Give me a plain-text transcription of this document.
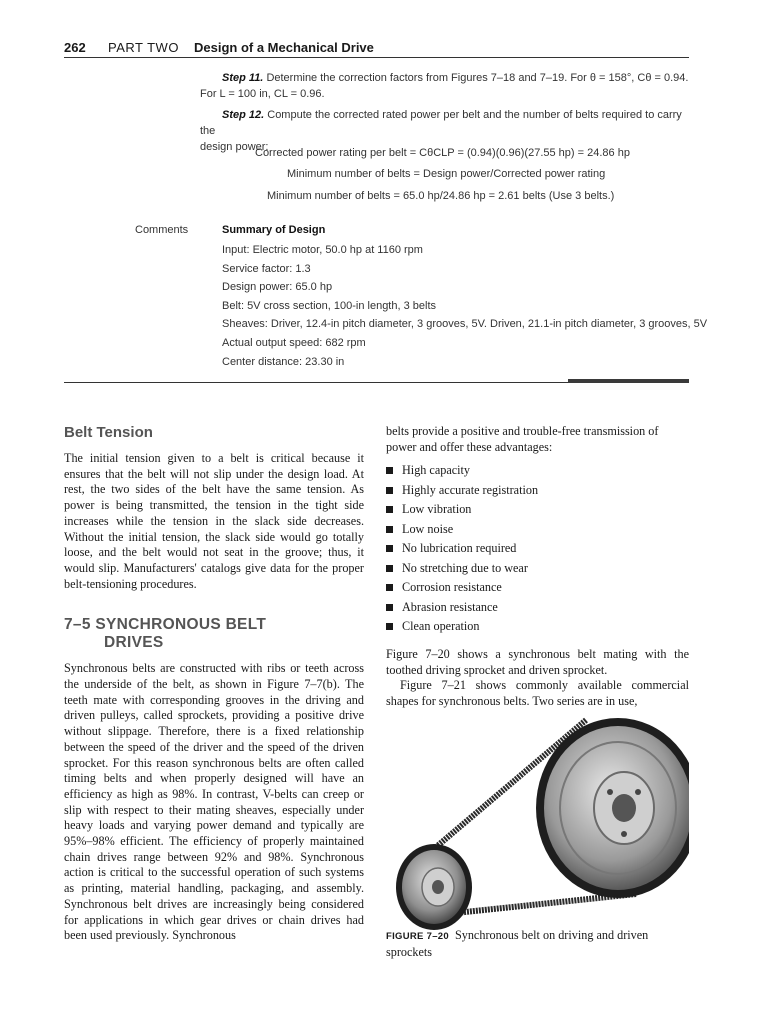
262 PART TWO Design of a Mechanical Drive

Step 11. Determine the correction factors from Figures 7–18 and 7–19. For θ = 158°, Cθ = 0.94.

For L = 100 in, CL = 0.96.

Step 12. Compute the corrected rated power per belt and the number of belts required to carry the

design power:

Corrected power rating per belt = CθCLP = (0.94)(0.96)(27.55 hp) = 24.86 hp
Minimum number of belts = Design power/Corrected power rating
Minimum number of belts = 65.0 hp/24.86 hp = 2.61 belts (Use 3 belts.)
Comments	Summary of Design
Input: Electric motor, 50.0 hp at 1160 rpm
Service factor: 1.3
Design power: 65.0 hp
Belt: 5V cross section, 100-in length, 3 belts
Sheaves: Driver, 12.4-in pitch diameter, 3 grooves, 5V. Driven, 21.1-in pitch diameter, 3 grooves, 5V
Actual output speed: 682 rpm
Center distance: 23.30 in
Belt Tension

The initial tension given to a belt is critical because it ensures that the belt will not slip under the design load. At rest, the two sides of the belt have the same tension. As power is being transmitted, the tension in the tight side increases while the tension in the slack side decreases. Without the initial tension, the slack side would go totally loose, and the belt would not seat in the groove; thus, it would slip. Manufacturers' catalogs give data for the proper belt-tensioning procedures.

7–5 SYNCHRONOUS BELT
DRIVES

Synchronous belts are constructed with ribs or teeth across the underside of the belt, as shown in Figure 7–7(b). The teeth mate with corresponding grooves in the driving and driven pulleys, called sprockets, providing a positive drive without slippage. Therefore, there is a fixed relationship between the speed of the driver and the speed of the driven sprocket. For this reason synchronous belts are often called timing belts and when properly designed will have an efficiency as high as 98%. In contrast, V-belts can creep or slip with respect to their mating sheaves, especially under heavy loads and varying power demand and typically are 95%–98% efficient. The efficiency of properly maintained chain drives range between 92% and 98%. Synchronous action is critical to the successful operation of such systems as printing, material handling, packaging, and assembly. Synchronous belt drives are increasingly being considered for applications in which gear drives or chain drives had been used previously. Synchronous

belts provide a positive and trouble-free transmission of power and offer these advantages:

High capacity
Highly accurate registration
Low vibration
Low noise
No lubrication required
No stretching due to wear
Corrosion resistance
Abrasion resistance
Clean operation

Figure 7–20 shows a synchronous belt mating with the toothed driving sprocket and driven sprocket.

Figure 7–21 shows commonly available commercial shapes for synchronous belts. Two series are in use,

FIGURE 7–20 Synchronous belt on driving and driven sprockets
